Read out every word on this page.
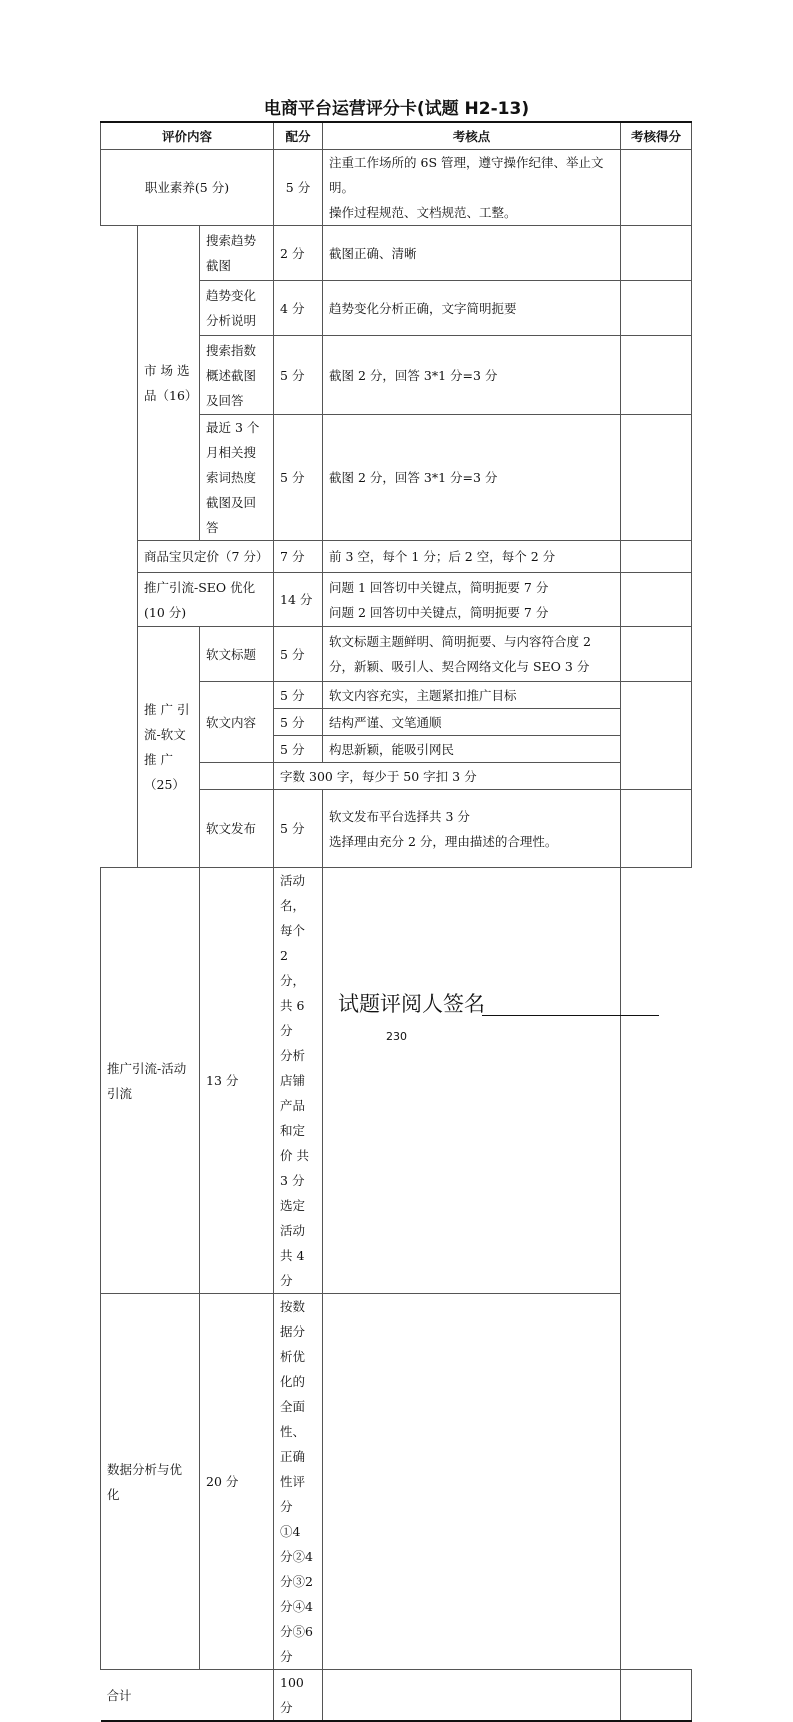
电商平台运营评分卡(试题 H2-13)
评价内容			配分	考核点	考核得分
职业素养(5 分)			5 分	注重工作场所的 6S 管理，遵守操作纪律、举止文明。
操作过程规范、文档规范、工整。	

	市 场 选 品（16）	搜索趋势截图	2 分	截图正确、清晰	
		趋势变化分析说明	4 分	趋势变化分析正确，文字简明扼要	
		搜索指数概述截图及回答	5 分	截图 2 分，回答 3*1 分=3 分	
		最近 3 个月相关搜索词热度截图及回答	5 分	截图 2 分，回答 3*1 分=3 分	
	商品宝贝定价（7 分）		7 分	前 3 空，每个 1 分；后 2 空，每个 2 分	
	推广引流-SEO 优化(10 分)		14 分	问题 1 回答切中关键点，简明扼要 7 分
问题 2 回答切中关键点，简明扼要 7 分	

	推 广 引 流-软文 推 广 （25）	软文标题	5 分	软文标题主题鲜明、简明扼要、与内容符合度 2 分，新颖、吸引人、契合网络文化与 SEO 3 分	
		软文内容	5 分	软文内容充实，主题紧扣推广目标	
			5 分	结构严谨、文笔通顺	
			5 分	构思新颖，能吸引网民	
			字数 300 字，每少于 50 字扣 3 分		
		软文发布	5 分	软文发布平台选择共 3 分
选择理由充分 2 分，理由描述的合理性。	

推广引流-活动引流		13 分	活动名，每个 2 分，共 6 分
分析店铺产品和定价 共 3 分
选定活动 共 4 分		

数据分析与优化		20 分	按数据分析优化的全面性、正确性评分
①4 分②4 分③2 分④4 分⑤6 分		

合计			100 分		
试题评阅人签名
230
